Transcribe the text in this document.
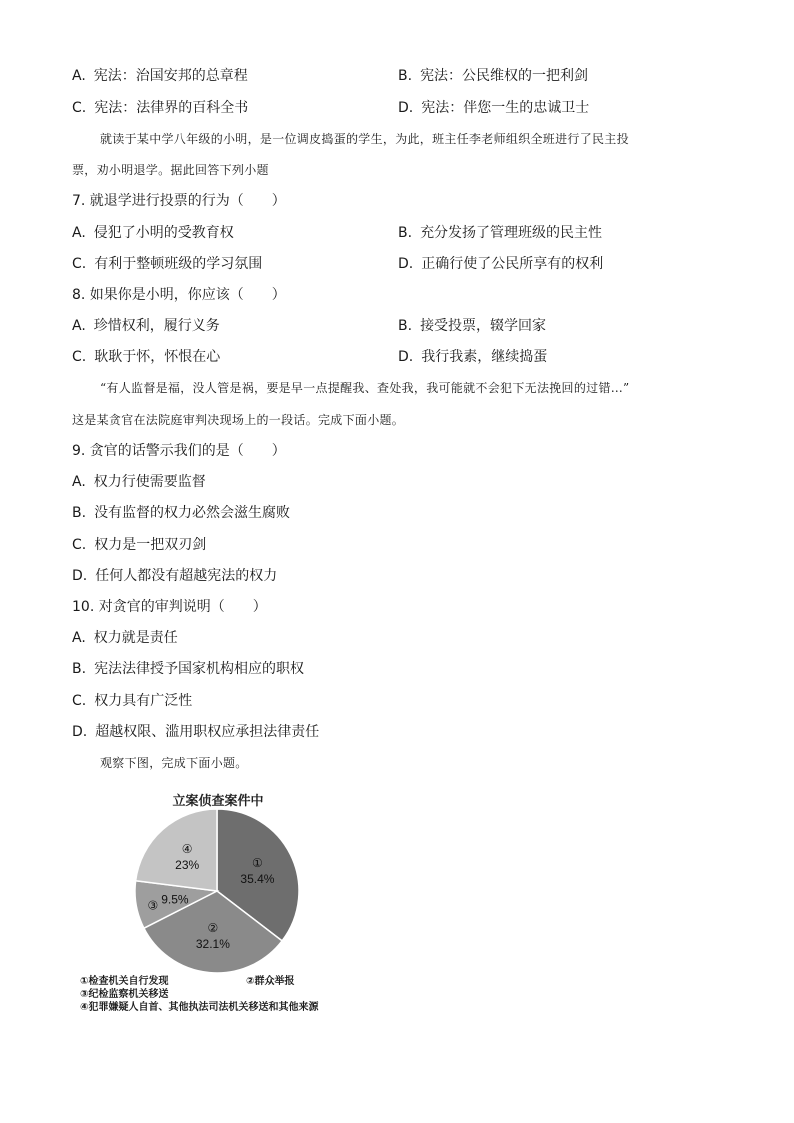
A. 宪法：治国安邦的总章程	B. 宪法：公民维权的一把利剑
C. 宪法：法律界的百科全书	D. 宪法：伴您一生的忠诚卫士
就读于某中学八年级的小明，是一位调皮捣蛋的学生，为此，班主任李老师组织全班进行了民主投
票，劝小明退学。据此回答下列小题
7. 就退学进行投票的行为（　　）
A. 侵犯了小明的受教育权	B. 充分发扬了管理班级的民主性
C. 有利于整顿班级的学习氛围	D. 正确行使了公民所享有的权利
8. 如果你是小明，你应该（　　）
A. 珍惜权利，履行义务	B. 接受投票，辍学回家
C. 耿耿于怀，怀恨在心	D. 我行我素，继续捣蛋
“有人监督是福，没人管是祸，要是早一点提醒我、查处我，我可能就不会犯下无法挽回的过错…”
这是某贪官在法院庭审判决现场上的一段话。完成下面小题。
9. 贪官的话警示我们的是（　　）
A. 权力行使需要监督
B. 没有监督的权力必然会滋生腐败
C. 权力是一把双刃剑
D. 任何人都没有超越宪法的权力
10. 对贪官的审判说明（　　）
A. 权力就是责任
B. 宪法法律授予国家机构相应的职权
C. 权力具有广泛性
D. 超越权限、滥用职权应承担法律责任
观察下图，完成下面小题。
立案侦查案件中
①
35.4%
②
32.1%
③ 9.5%
④
23%
①检查机关自行发现	②群众举报
③纪检监察机关移送
④犯罪嫌疑人自首、其他执法司法机关移送和其他来源
